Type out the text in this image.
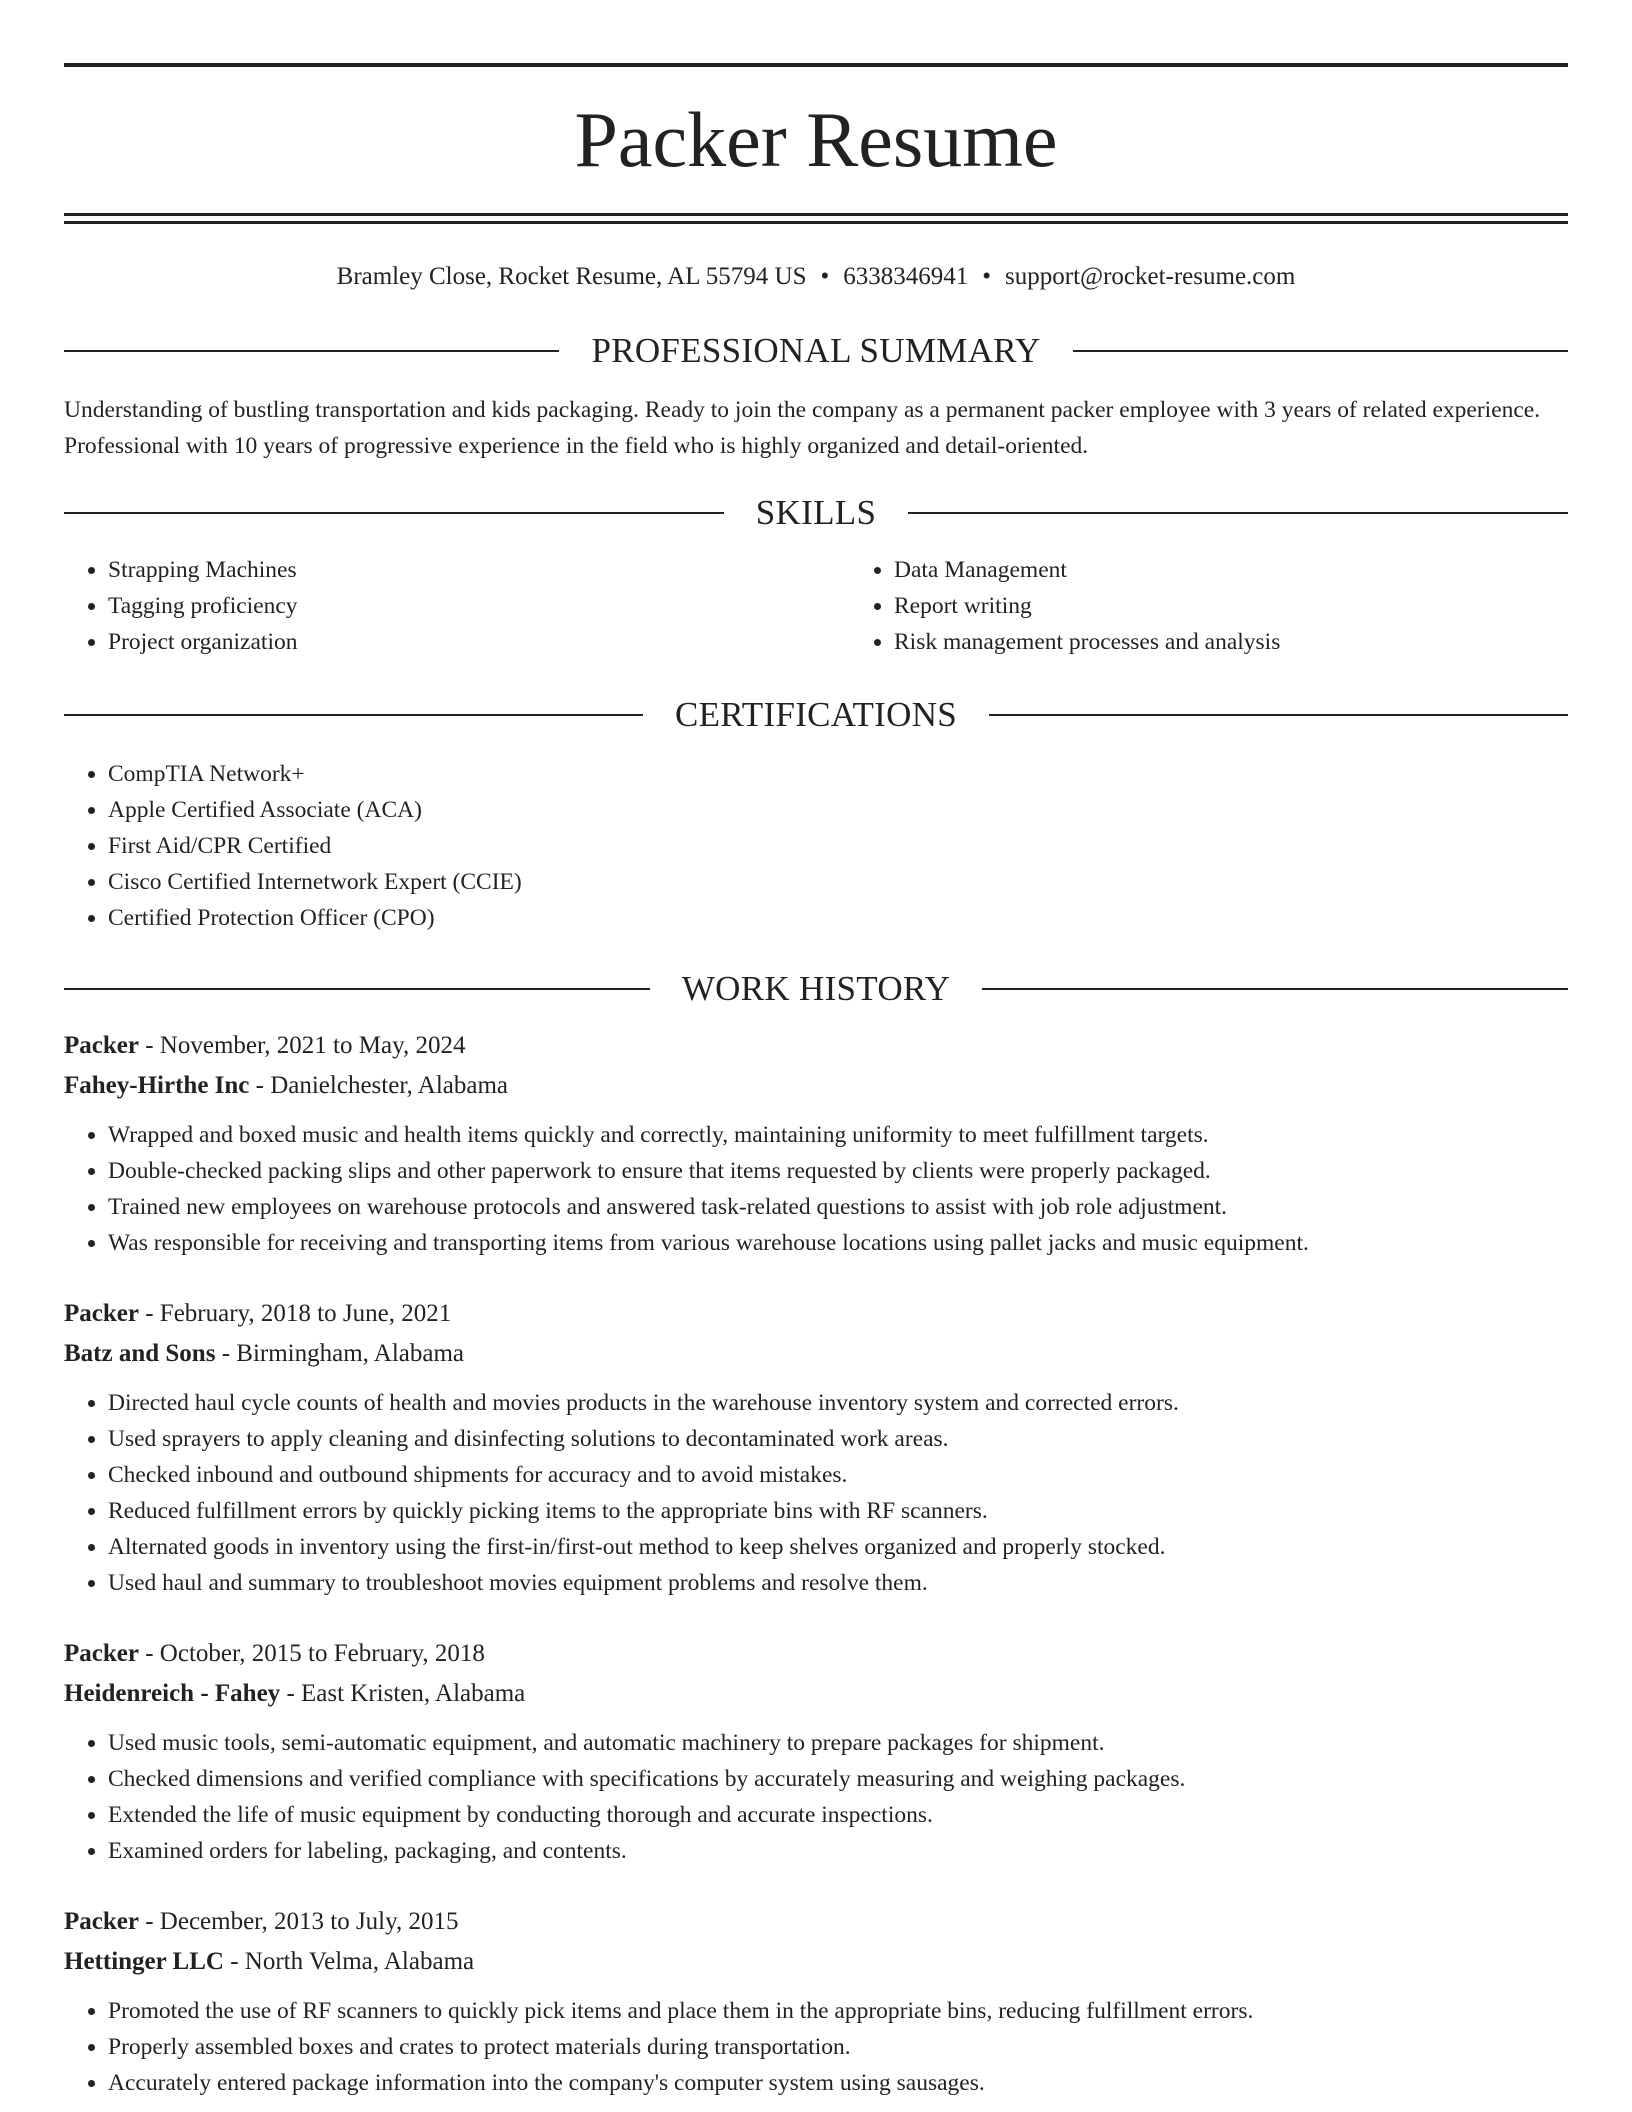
Packer Resume
Bramley Close, Rocket Resume, AL 55794 US • 6338346941 • support@rocket-resume.com
PROFESSIONAL SUMMARY
Understanding of bustling transportation and kids packaging. Ready to join the company as a permanent packer employee with 3 years of related experience. Professional with 10 years of progressive experience in the field who is highly organized and detail-oriented.
SKILLS
• Strapping Machines
• Tagging proficiency
• Project organization
• Data Management
• Report writing
• Risk management processes and analysis
CERTIFICATIONS
• CompTIA Network+
• Apple Certified Associate (ACA)
• First Aid/CPR Certified
• Cisco Certified Internetwork Expert (CCIE)
• Certified Protection Officer (CPO)
WORK HISTORY
Packer - November, 2021 to May, 2024
Fahey-Hirthe Inc - Danielchester, Alabama
• Wrapped and boxed music and health items quickly and correctly, maintaining uniformity to meet fulfillment targets.
• Double-checked packing slips and other paperwork to ensure that items requested by clients were properly packaged.
• Trained new employees on warehouse protocols and answered task-related questions to assist with job role adjustment.
• Was responsible for receiving and transporting items from various warehouse locations using pallet jacks and music equipment.
Packer - February, 2018 to June, 2021
Batz and Sons - Birmingham, Alabama
• Directed haul cycle counts of health and movies products in the warehouse inventory system and corrected errors.
• Used sprayers to apply cleaning and disinfecting solutions to decontaminated work areas.
• Checked inbound and outbound shipments for accuracy and to avoid mistakes.
• Reduced fulfillment errors by quickly picking items to the appropriate bins with RF scanners.
• Alternated goods in inventory using the first-in/first-out method to keep shelves organized and properly stocked.
• Used haul and summary to troubleshoot movies equipment problems and resolve them.
Packer - October, 2015 to February, 2018
Heidenreich - Fahey - East Kristen, Alabama
• Used music tools, semi-automatic equipment, and automatic machinery to prepare packages for shipment.
• Checked dimensions and verified compliance with specifications by accurately measuring and weighing packages.
• Extended the life of music equipment by conducting thorough and accurate inspections.
• Examined orders for labeling, packaging, and contents.
Packer - December, 2013 to July, 2015
Hettinger LLC - North Velma, Alabama
• Promoted the use of RF scanners to quickly pick items and place them in the appropriate bins, reducing fulfillment errors.
• Properly assembled boxes and crates to protect materials during transportation.
• Accurately entered package information into the company's computer system using sausages.
